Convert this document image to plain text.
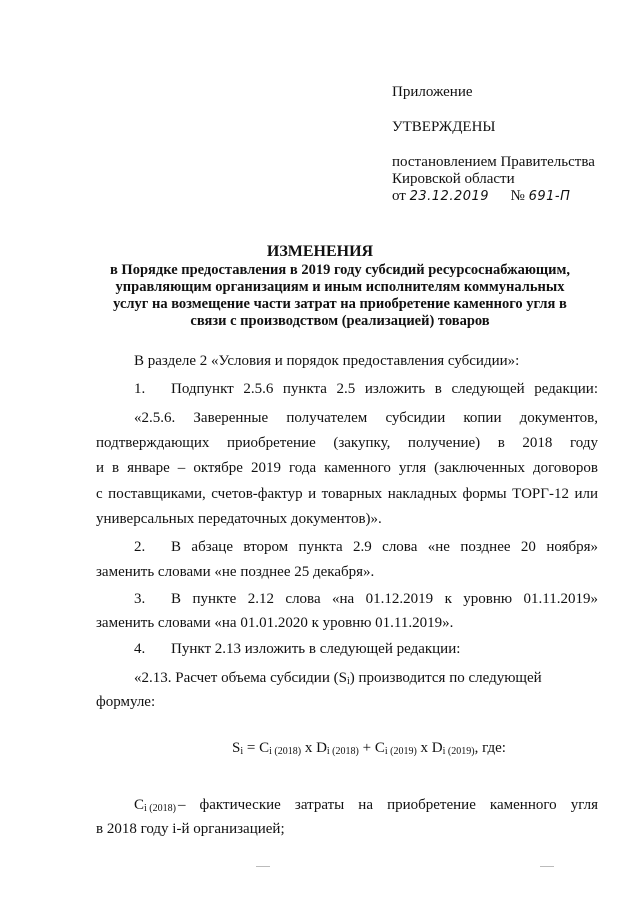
Приложение
УТВЕРЖДЕНЫ
постановлением Правительства
Кировской области
от 23.12.2019 № 691-П
ИЗМЕНЕНИЯ
в Порядке предоставления в 2019 году субсидий ресурсоснабжающим,
управляющим организациям и иным исполнителям коммунальных
услуг на возмещение части затрат на приобретение каменного угля в
связи с производством (реализацией) товаров
В разделе 2 «Условия и порядок предоставления субсидии»:
1. Подпункт 2.5.6 пункта 2.5 изложить в следующей редакции:
«2.5.6. Заверенные получателем субсидии копии документов,
подтверждающих приобретение (закупку, получение) в 2018 году
и в январе – октябре 2019 года каменного угля (заключенных договоров
с поставщиками, счетов-фактур и товарных накладных формы ТОРГ-12 или
универсальных передаточных документов)».
2. В абзаце втором пункта 2.9 слова «не позднее 20 ноября»
заменить словами «не позднее 25 декабря».
3. В пункте 2.12 слова «на 01.12.2019 к уровню 01.11.2019»
заменить словами «на 01.01.2020 к уровню 01.11.2019».
4. Пункт 2.13 изложить в следующей редакции:
«2.13. Расчет объема субсидии $(S_i)$ производится по следующей
формуле:
$S_i = C_{i (2018)}$ x $D_{i (2018)} + C_{i (2019)}$ x $D_{i (2019)}$, где:
$C_{i (2018)}$ – фактические затраты на приобретение каменного угля
в 2018 году i-й организацией;
